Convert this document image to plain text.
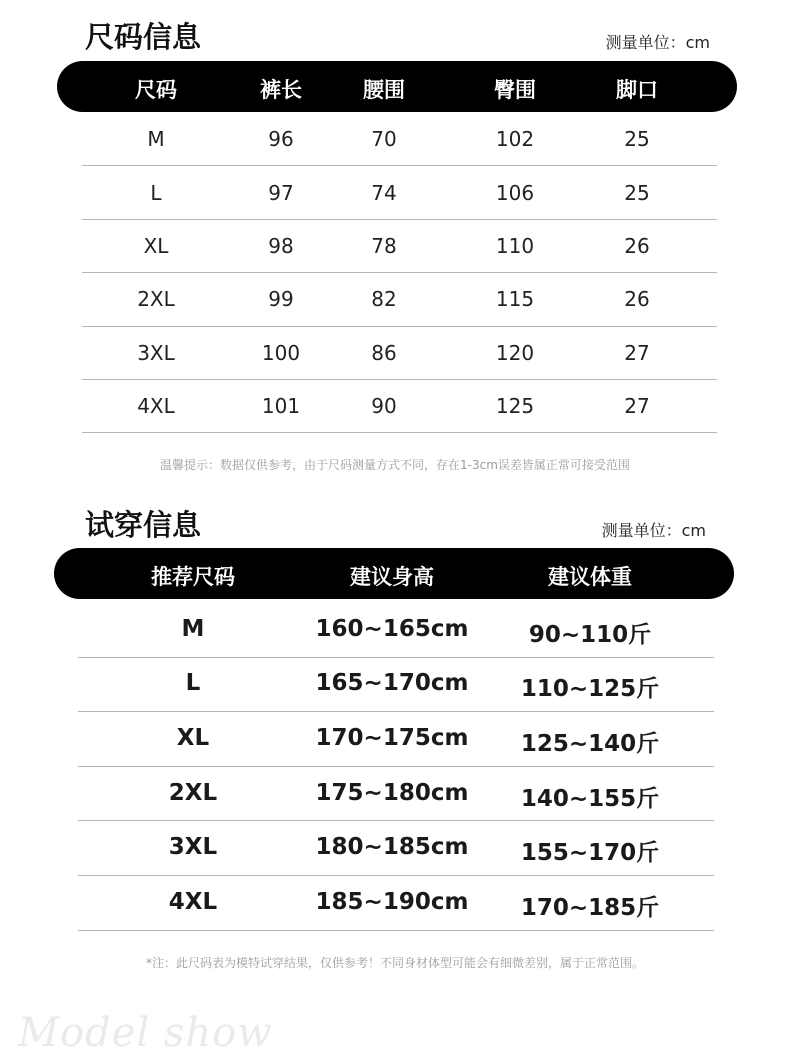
尺码信息	测量单位：cm
尺码	裤长	腰围	臀围	脚口
M	96	70	102	25
L	97	74	106	25
XL	98	78	110	26
2XL	99	82	115	26
3XL	100	86	120	27
4XL	101	90	125	27
温馨提示：数据仅供参考，由于尺码测量方式不同，存在1-3cm误差皆属正常可接受范围
试穿信息	测量单位：cm
推荐尺码	建议身高	建议体重
M	160~165cm	90~110斤
L	165~170cm 110~125斤
XL	170~175cm 125~140斤
2XL	175~180cm 140~155斤
3XL	180~185cm 155~170斤
4XL	185~190cm 170~185斤
*注：此尺码表为模特试穿结果，仅供参考！不同身材体型可能会有细微差别，属于正常范围。
Model show
